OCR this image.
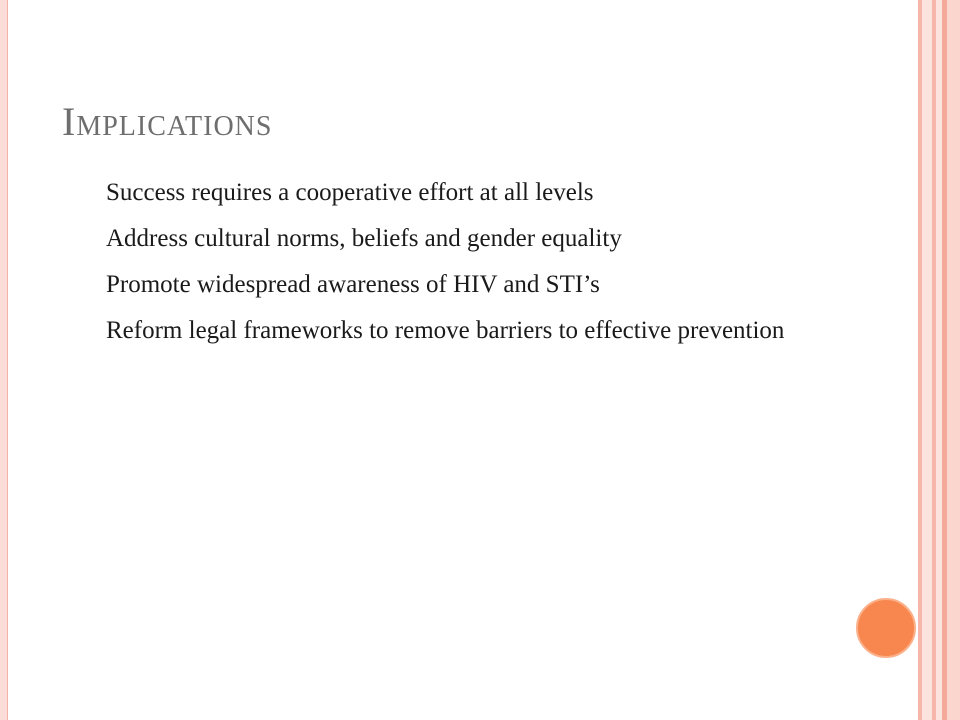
Implications
Success requires a cooperative effort at all levels
Address cultural norms, beliefs and gender equality
Promote widespread awareness of HIV and STI’s
Reform legal frameworks to remove barriers to effective prevention
